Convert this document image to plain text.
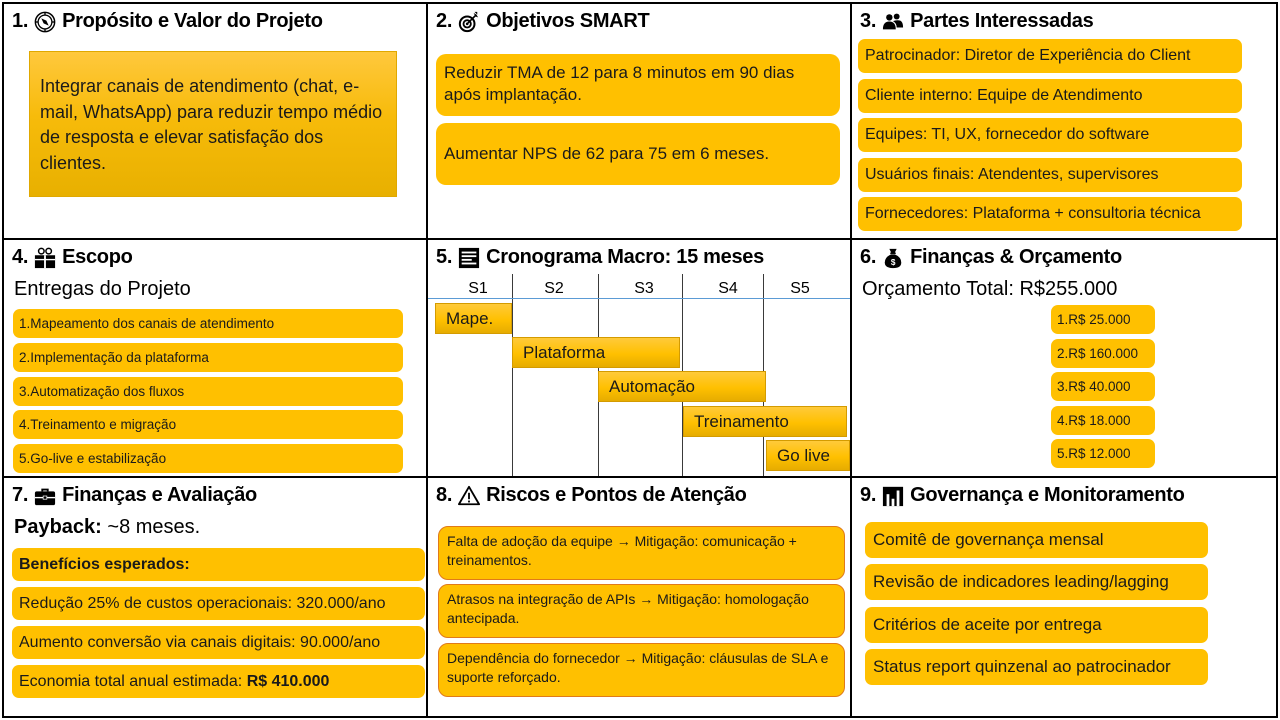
1. Propósito e Valor do Projeto
Integrar canais de atendimento (chat, e-mail, WhatsApp) para reduzir tempo médio de resposta e elevar satisfação dos clientes.
2. Objetivos SMART
Reduzir TMA de 12 para 8 minutos em 90 dias após implantação.
Aumentar NPS de 62 para 75 em 6 meses.
3. Partes Interessadas
Patrocinador: Diretor de Experiência do Client
Cliente interno: Equipe de Atendimento
Equipes: TI, UX, fornecedor do software
Usuários finais: Atendentes, supervisores
Fornecedores: Plataforma + consultoria técnica
4. Escopo
Entregas do Projeto
1.Mapeamento dos canais de atendimento
2.Implementação da plataforma
3.Automatização dos fluxos
4.Treinamento e migração
5.Go-live e estabilização
5. Cronograma Macro: 15 meses
S1	S2	S3	S4	S5
Mape.
Plataforma
Automação
Treinamento
Go live
6. $ Finanças & Orçamento
Orçamento Total: R$255.000
1.R$ 25.000
2.R$ 160.000
3.R$ 40.000
4.R$ 18.000
5.R$ 12.000
7. Finanças e Avaliação
Payback: ~8 meses.
Benefícios esperados:
Redução 25% de custos operacionais: 320.000/ano
Aumento conversão via canais digitais: 90.000/ano
Economia total anual estimada: R$ 410.000
8. Riscos e Pontos de Atenção
Falta de adoção da equipe → Mitigação: comunicação + treinamentos.
Atrasos na integração de APIs → Mitigação: homologação antecipada.
Dependência do fornecedor → Mitigação: cláusulas de SLA e suporte reforçado.
9. Governança e Monitoramento
Comitê de governança mensal
Revisão de indicadores leading/lagging
Critérios de aceite por entrega
Status report quinzenal ao patrocinador
